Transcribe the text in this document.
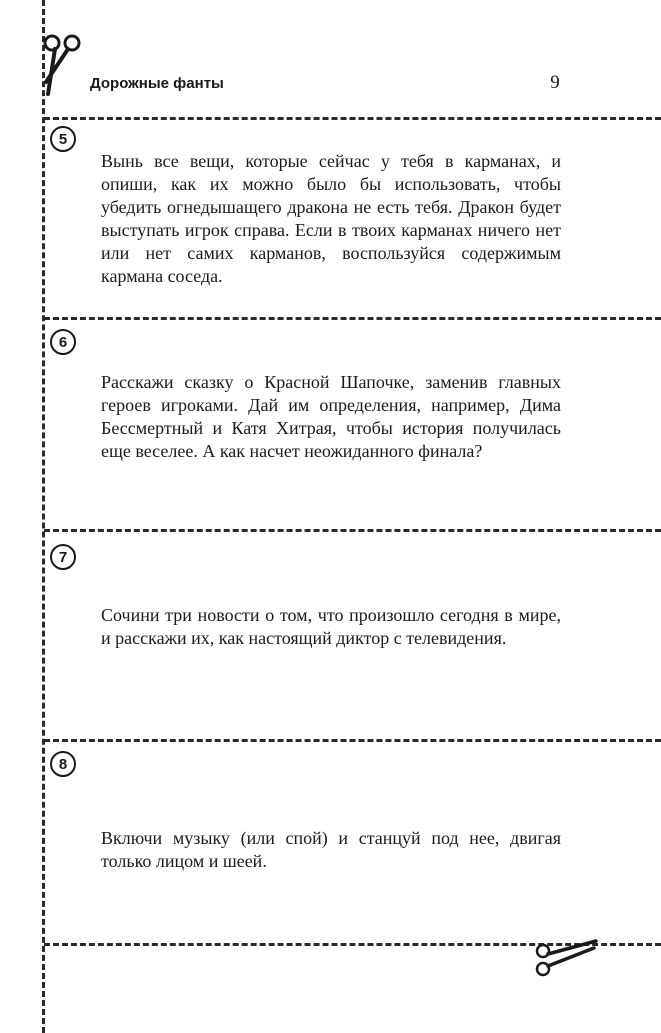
Дорожные фанты	9
5

Вынь все вещи, которые сейчас у тебя в карманах, и опиши, как их можно было бы использовать, чтобы убедить огнедышащего дракона не есть тебя. Дракон будет выступать игрок справа. Если в твоих карманах ничего нет или нет самих карманов, воспользуйся содержимым кармана соседа.

6

Расскажи сказку о Красной Шапочке, заменив главных героев игроками. Дай им определения, например, Дима Бессмертный и Катя Хитрая, чтобы история получилась еще веселее. А как насчет неожиданного финала?

7

Сочини три новости о том, что произошло сегодня в мире, и расскажи их, как настоящий диктор с телевидения.

8

Включи музыку (или спой) и станцуй под нее, двигая только лицом и шеей.
